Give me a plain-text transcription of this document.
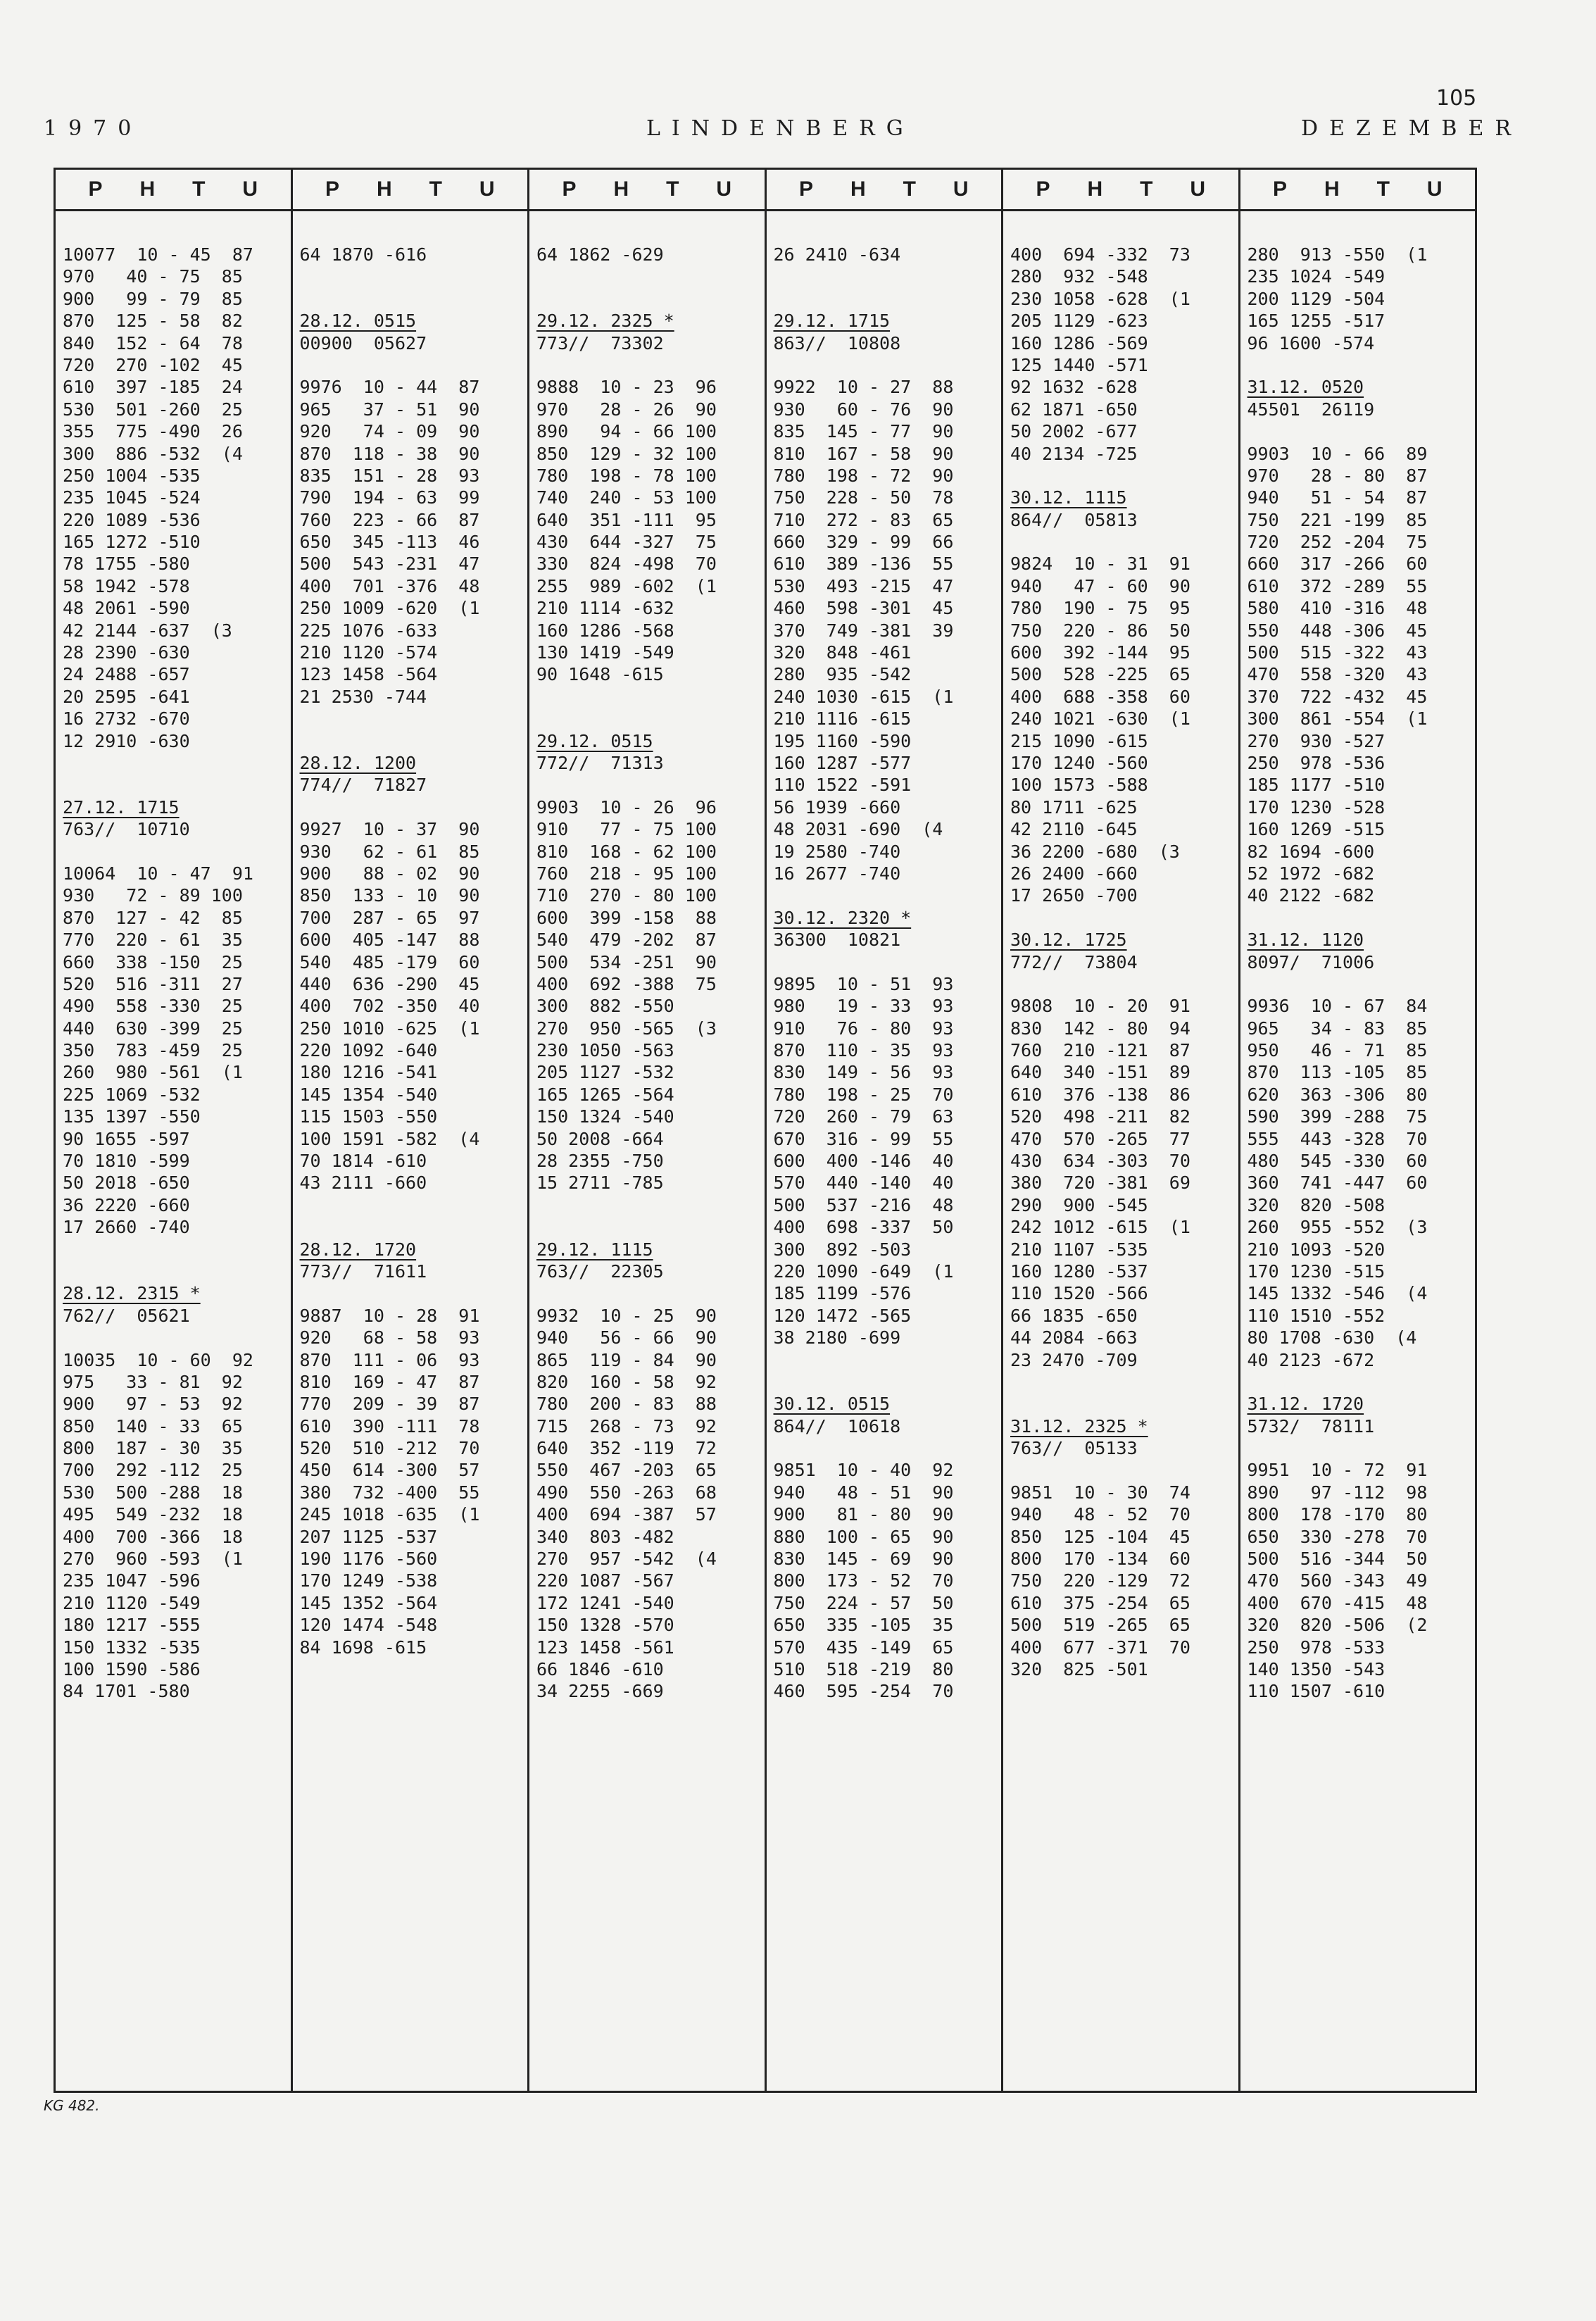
105
1970	LINDENBERG	DEZEMBER
P H T U
10077  10 - 45  87
970   40 - 75  85
900   99 - 79  85
870  125 - 58  82
840  152 - 64  78
720  270 -102  45
610  397 -185  24
530  501 -260  25
355  775 -490  26
300  886 -532  (4
250 1004 -535
235 1045 -524
220 1089 -536
165 1272 -510
78 1755 -580
58 1942 -578
48 2061 -590
42 2144 -637  (3
28 2390 -630
24 2488 -657
20 2595 -641
16 2732 -670
12 2910 -630
27.12. 1715
763//  10710
10064  10 - 47  91
930   72 - 89 100
870  127 - 42  85
770  220 - 61  35
660  338 -150  25
520  516 -311  27
490  558 -330  25
440  630 -399  25
350  783 -459  25
260  980 -561  (1
225 1069 -532
135 1397 -550
90 1655 -597
70 1810 -599
50 2018 -650
36 2220 -660
17 2660 -740
28.12. 2315 *
762//  05621
10035  10 - 60  92
975   33 - 81  92
900   97 - 53  92
850  140 - 33  65
800  187 - 30  35
700  292 -112  25
530  500 -288  18
495  549 -232  18
400  700 -366  18
270  960 -593  (1
235 1047 -596
210 1120 -549
180 1217 -555
150 1332 -535
100 1590 -586
84 1701 -580
P H T U
64 1870 -616
28.12. 0515
00900  05627
9976  10 - 44  87
965   37 - 51  90
920   74 - 09  90
870  118 - 38  90
835  151 - 28  93
790  194 - 63  99
760  223 - 66  87
650  345 -113  46
500  543 -231  47
400  701 -376  48
250 1009 -620  (1
225 1076 -633
210 1120 -574
123 1458 -564
21 2530 -744
28.12. 1200
774//  71827
9927  10 - 37  90
930   62 - 61  85
900   88 - 02  90
850  133 - 10  90
700  287 - 65  97
600  405 -147  88
540  485 -179  60
440  636 -290  45
400  702 -350  40
250 1010 -625  (1
220 1092 -640
180 1216 -541
145 1354 -540
115 1503 -550
100 1591 -582  (4
70 1814 -610
43 2111 -660
28.12. 1720
773//  71611
9887  10 - 28  91
920   68 - 58  93
870  111 - 06  93
810  169 - 47  87
770  209 - 39  87
610  390 -111  78
520  510 -212  70
450  614 -300  57
380  732 -400  55
245 1018 -635  (1
207 1125 -537
190 1176 -560
170 1249 -538
145 1352 -564
120 1474 -548
84 1698 -615
P H T U
64 1862 -629
29.12. 2325 *
773//  73302
9888  10 - 23  96
970   28 - 26  90
890   94 - 66 100
850  129 - 32 100
780  198 - 78 100
740  240 - 53 100
640  351 -111  95
430  644 -327  75
330  824 -498  70
255  989 -602  (1
210 1114 -632
160 1286 -568
130 1419 -549
90 1648 -615
29.12. 0515
772//  71313
9903  10 - 26  96
910   77 - 75 100
810  168 - 62 100
760  218 - 95 100
710  270 - 80 100
600  399 -158  88
540  479 -202  87
500  534 -251  90
400  692 -388  75
300  882 -550
270  950 -565  (3
230 1050 -563
205 1127 -532
165 1265 -564
150 1324 -540
50 2008 -664
28 2355 -750
15 2711 -785
29.12. 1115
763//  22305
9932  10 - 25  90
940   56 - 66  90
865  119 - 84  90
820  160 - 58  92
780  200 - 83  88
715  268 - 73  92
640  352 -119  72
550  467 -203  65
490  550 -263  68
400  694 -387  57
340  803 -482
270  957 -542  (4
220 1087 -567
172 1241 -540
150 1328 -570
123 1458 -561
66 1846 -610
34 2255 -669
P H T U
26 2410 -634
29.12. 1715
863//  10808
9922  10 - 27  88
930   60 - 76  90
835  145 - 77  90
810  167 - 58  90
780  198 - 72  90
750  228 - 50  78
710  272 - 83  65
660  329 - 99  66
610  389 -136  55
530  493 -215  47
460  598 -301  45
370  749 -381  39
320  848 -461
280  935 -542
240 1030 -615  (1
210 1116 -615
195 1160 -590
160 1287 -577
110 1522 -591
56 1939 -660
48 2031 -690  (4
19 2580 -740
16 2677 -740
30.12. 2320 *
36300  10821
9895  10 - 51  93
980   19 - 33  93
910   76 - 80  93
870  110 - 35  93
830  149 - 56  93
780  198 - 25  70
720  260 - 79  63
670  316 - 99  55
600  400 -146  40
570  440 -140  40
500  537 -216  48
400  698 -337  50
300  892 -503
220 1090 -649  (1
185 1199 -576
120 1472 -565
38 2180 -699
30.12. 0515
864//  10618
9851  10 - 40  92
940   48 - 51  90
900   81 - 80  90
880  100 - 65  90
830  145 - 69  90
800  173 - 52  70
750  224 - 57  50
650  335 -105  35
570  435 -149  65
510  518 -219  80
460  595 -254  70
P H T U
400  694 -332  73
280  932 -548
230 1058 -628  (1
205 1129 -623
160 1286 -569
125 1440 -571
92 1632 -628
62 1871 -650
50 2002 -677
40 2134 -725
30.12. 1115
864//  05813
9824  10 - 31  91
940   47 - 60  90
780  190 - 75  95
750  220 - 86  50
600  392 -144  95
500  528 -225  65
400  688 -358  60
240 1021 -630  (1
215 1090 -615
170 1240 -560
100 1573 -588
80 1711 -625
42 2110 -645
36 2200 -680  (3
26 2400 -660
17 2650 -700
30.12. 1725
772//  73804
9808  10 - 20  91
830  142 - 80  94
760  210 -121  87
640  340 -151  89
610  376 -138  86
520  498 -211  82
470  570 -265  77
430  634 -303  70
380  720 -381  69
290  900 -545
242 1012 -615  (1
210 1107 -535
160 1280 -537
110 1520 -566
66 1835 -650
44 2084 -663
23 2470 -709
31.12. 2325 *
763//  05133
9851  10 - 30  74
940   48 - 52  70
850  125 -104  45
800  170 -134  60
750  220 -129  72
610  375 -254  65
500  519 -265  65
400  677 -371  70
320  825 -501
P H T U
280  913 -550  (1
235 1024 -549
200 1129 -504
165 1255 -517
96 1600 -574
31.12. 0520
45501  26119
9903  10 - 66  89
970   28 - 80  87
940   51 - 54  87
750  221 -199  85
720  252 -204  75
660  317 -266  60
610  372 -289  55
580  410 -316  48
550  448 -306  45
500  515 -322  43
470  558 -320  43
370  722 -432  45
300  861 -554  (1
270  930 -527
250  978 -536
185 1177 -510
170 1230 -528
160 1269 -515
82 1694 -600
52 1972 -682
40 2122 -682
31.12. 1120
8097/  71006
9936  10 - 67  84
965   34 - 83  85
950   46 - 71  85
870  113 -105  85
620  363 -306  80
590  399 -288  75
555  443 -328  70
480  545 -330  60
360  741 -447  60
320  820 -508
260  955 -552  (3
210 1093 -520
170 1230 -515
145 1332 -546  (4
110 1510 -552
80 1708 -630  (4
40 2123 -672
31.12. 1720
5732/  78111
9951  10 - 72  91
890   97 -112  98
800  178 -170  80
650  330 -278  70
500  516 -344  50
470  560 -343  49
400  670 -415  48
320  820 -506  (2
250  978 -533
140 1350 -543
110 1507 -610
KG 482.
